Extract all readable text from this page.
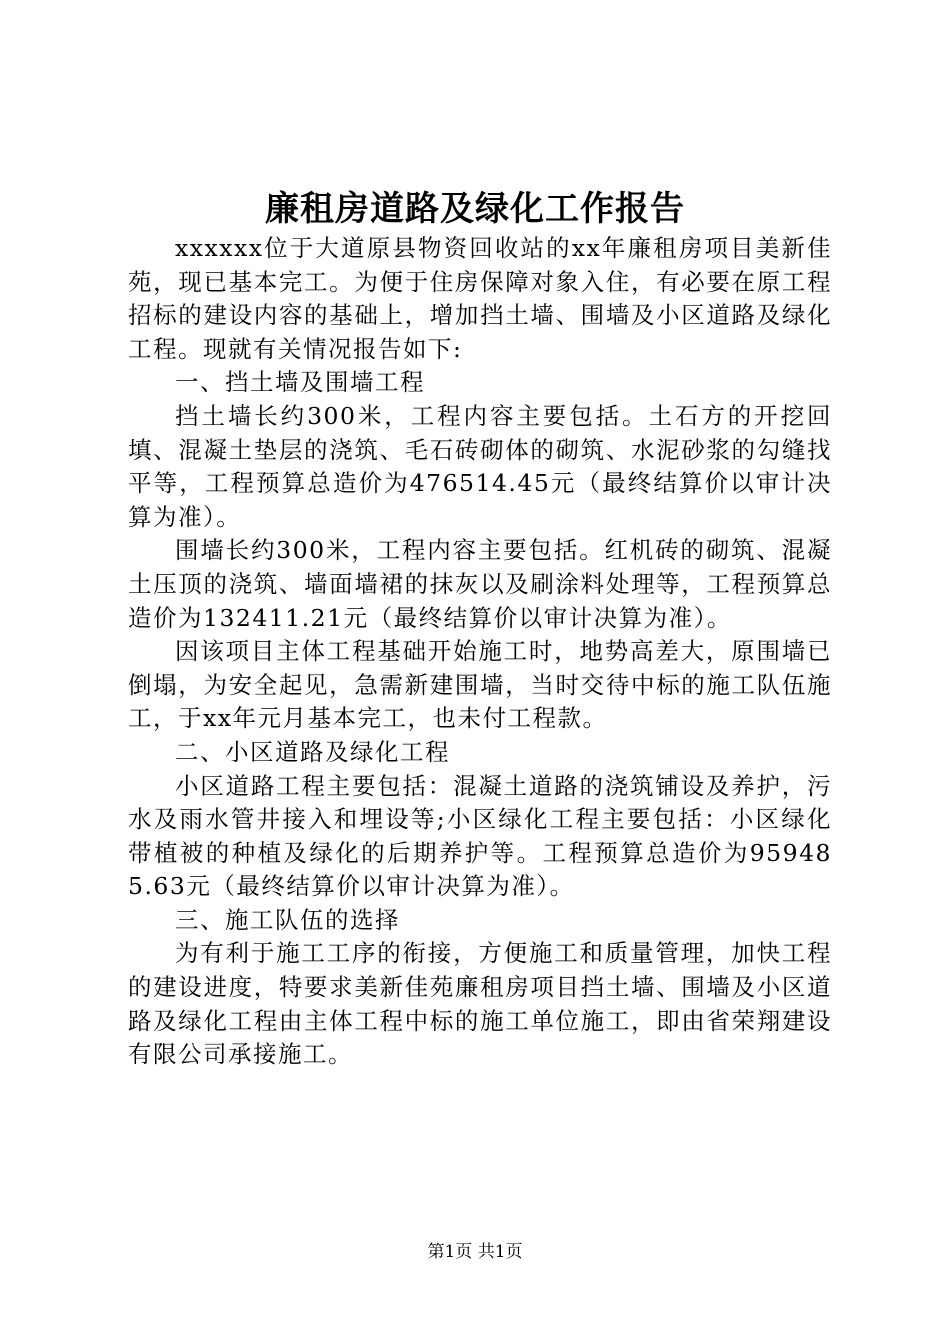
廉租房道路及绿化工作报告

xxxxxx位于大道原县物资回收站的xx年廉租房项目美新佳苑，现已基本完工。为便于住房保障对象入住，有必要在原工程招标的建设内容的基础上，增加挡土墙、围墙及小区道路及绿化工程。现就有关情况报告如下:

一、挡土墙及围墙工程

挡土墙长约300米，工程内容主要包括。土石方的开挖回填、混凝土垫层的浇筑、毛石砖砌体的砌筑、水泥砂浆的勾缝找平等，工程预算总造价为476514.45元（最终结算价以审计决算为准）。

围墙长约300米，工程内容主要包括。红机砖的砌筑、混凝土压顶的浇筑、墙面墙裙的抹灰以及刷涂料处理等，工程预算总造价为132411.21元（最终结算价以审计决算为准）。

因该项目主体工程基础开始施工时，地势高差大，原围墙已倒塌，为安全起见，急需新建围墙，当时交待中标的施工队伍施工，于xx年元月基本完工，也未付工程款。

二、小区道路及绿化工程

小区道路工程主要包括：混凝土道路的浇筑铺设及养护，污水及雨水管井接入和埋设等;小区绿化工程主要包括：小区绿化带植被的种植及绿化的后期养护等。工程预算总造价为959485.63元（最终结算价以审计决算为准）。

三、施工队伍的选择

为有利于施工工序的衔接，方便施工和质量管理，加快工程的建设进度，特要求美新佳苑廉租房项目挡土墙、围墙及小区道路及绿化工程由主体工程中标的施工单位施工，即由省荣翔建设有限公司承接施工。

第1页 共1页
